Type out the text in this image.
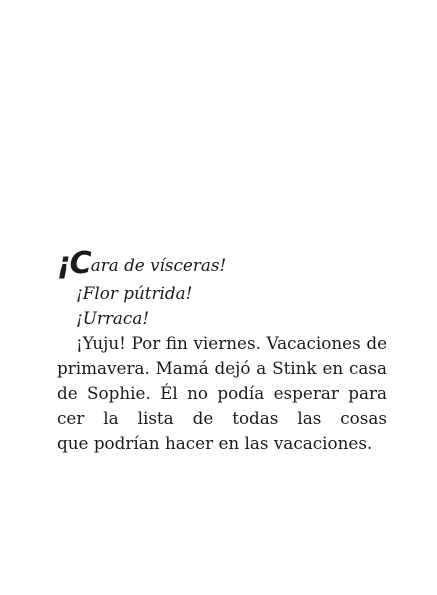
¡Cara de vísceras!
¡Flor pútrida!
¡Urraca!
¡Yuju! Por fin viernes. Vacaciones de
primavera. Mamá dejó a Stink en casa
de Sophie. Él no podía esperar para
cer la lista de todas las cosas
que podrían hacer en las vacaciones.
